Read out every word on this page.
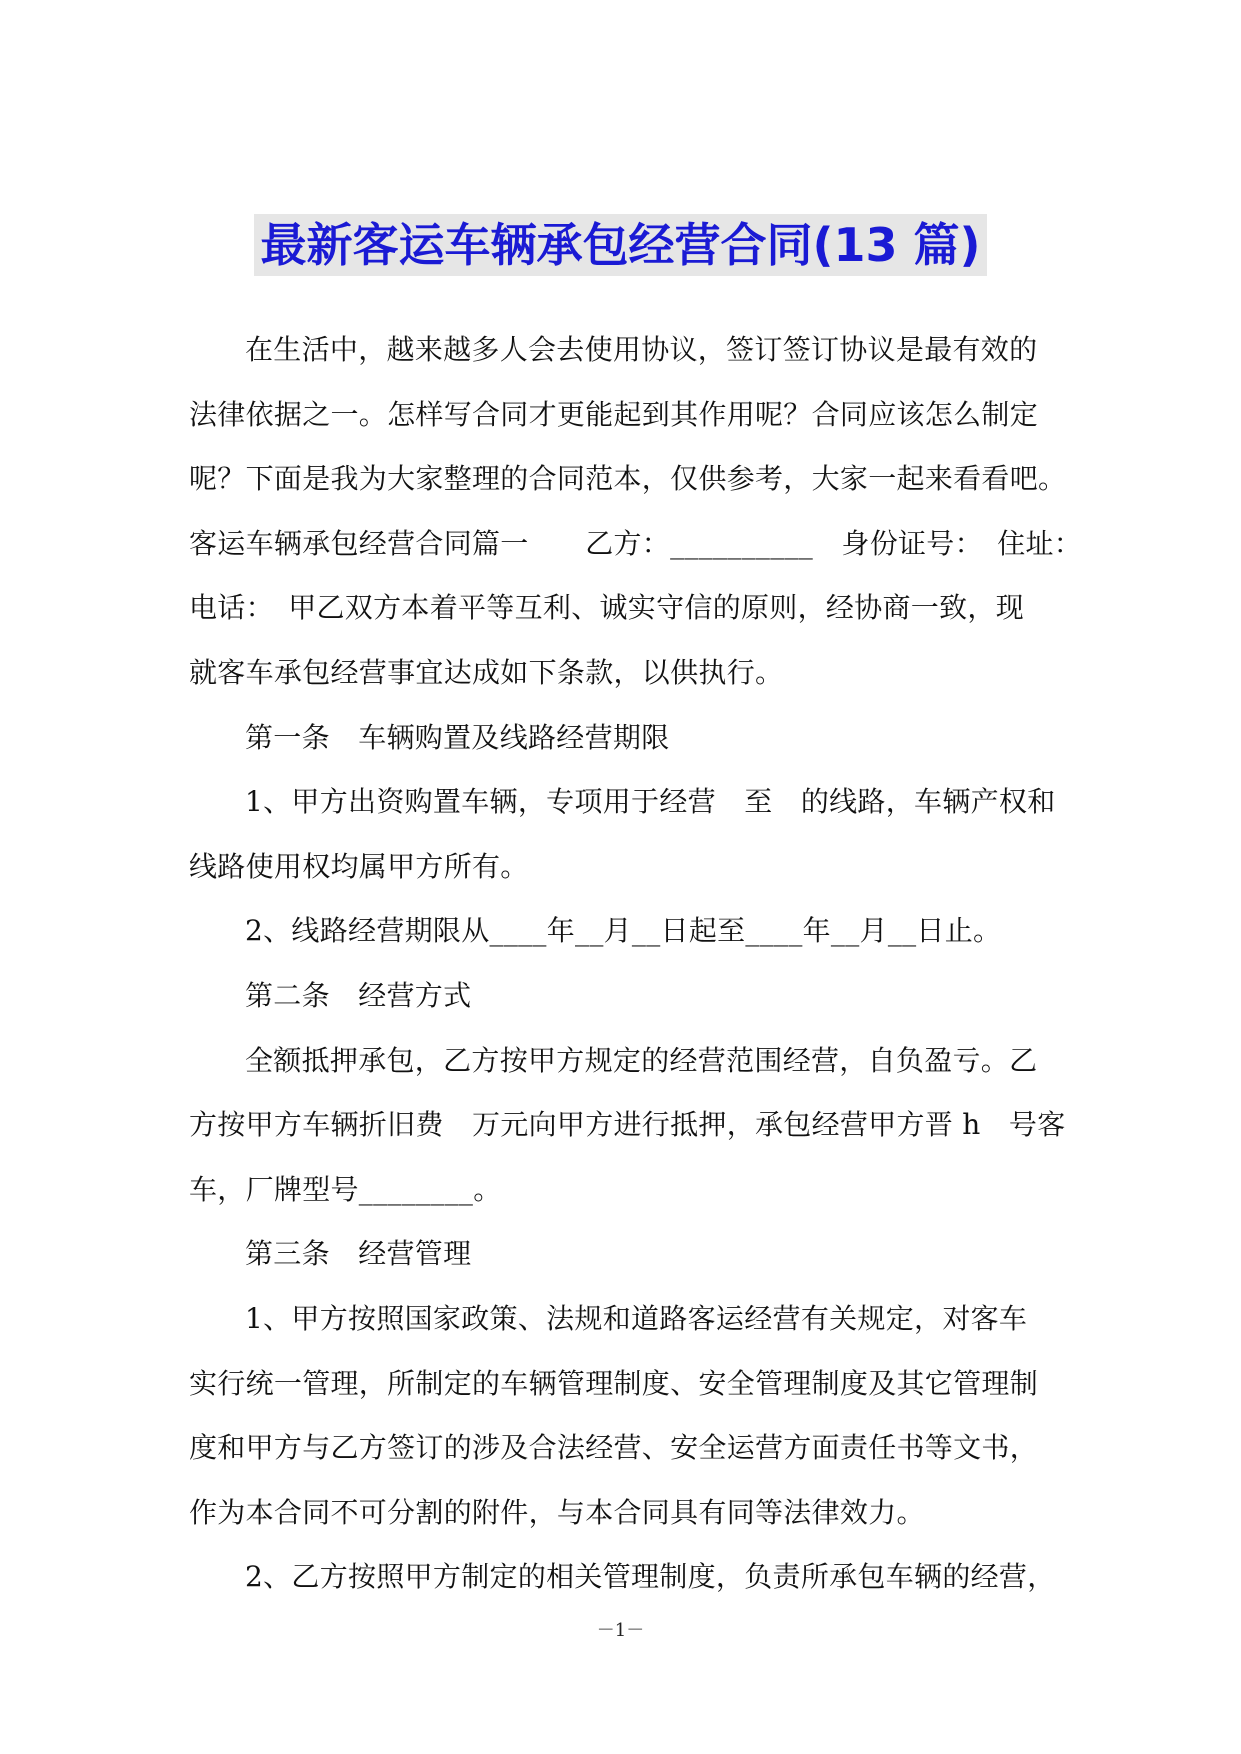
最新客运车辆承包经营合同(13 篇)
在生活中，越来越多人会去使用协议，签订签订协议是最有效的
法律依据之一。怎样写合同才更能起到其作用呢？合同应该怎么制定
呢？下面是我为大家整理的合同范本，仅供参考，大家一起来看看吧。
客运车辆承包经营合同篇一　　乙方：__________　身份证号：　住址：
电话：　甲乙双方本着平等互利、诚实守信的原则，经协商一致，现
就客车承包经营事宜达成如下条款，以供执行。
第一条　车辆购置及线路经营期限
1、甲方出资购置车辆，专项用于经营　至　的线路，车辆产权和
线路使用权均属甲方所有。
2、线路经营期限从____年__月__日起至____年__月__日止。
第二条　经营方式
全额抵押承包，乙方按甲方规定的经营范围经营，自负盈亏。乙
方按甲方车辆折旧费　万元向甲方进行抵押，承包经营甲方晋 h　号客
车，厂牌型号________。
第三条　经营管理
1、甲方按照国家政策、法规和道路客运经营有关规定，对客车
实行统一管理，所制定的车辆管理制度、安全管理制度及其它管理制
度和甲方与乙方签订的涉及合法经营、安全运营方面责任书等文书，
作为本合同不可分割的附件，与本合同具有同等法律效力。
2、乙方按照甲方制定的相关管理制度，负责所承包车辆的经营，
－1－
